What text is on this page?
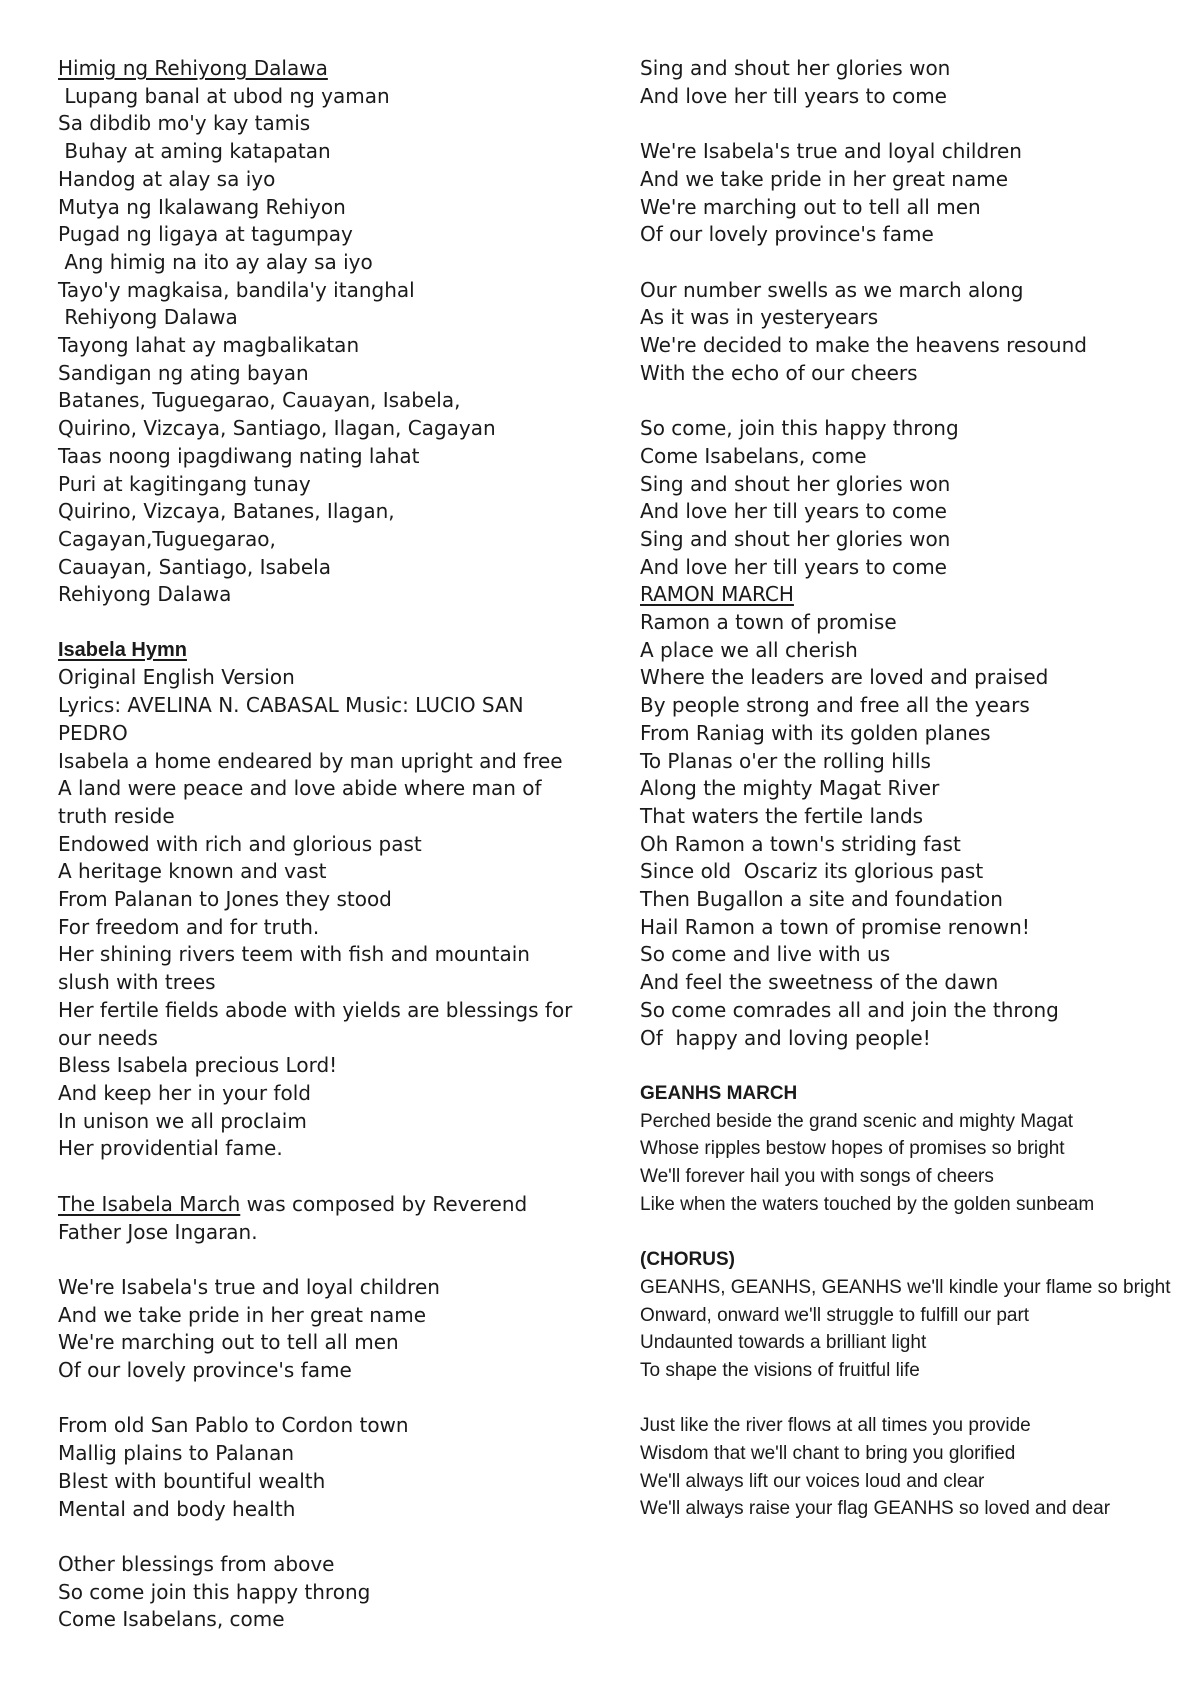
Himig ng Rehiyong Dalawa
Lupang banal at ubod ng yaman
Sa dibdib mo'y kay tamis
Buhay at aming katapatan
Handog at alay sa iyo
Mutya ng Ikalawang Rehiyon
Pugad ng ligaya at tagumpay
Ang himig na ito ay alay sa iyo
Tayo'y magkaisa, bandila'y itanghal
Rehiyong Dalawa
Tayong lahat ay magbalikatan
Sandigan ng ating bayan
Batanes, Tuguegarao, Cauayan, Isabela,
Quirino, Vizcaya, Santiago, Ilagan, Cagayan
Taas noong ipagdiwang nating lahat
Puri at kagitingang tunay
Quirino, Vizcaya, Batanes, Ilagan,
Cagayan,Tuguegarao,
Cauayan, Santiago, Isabela
Rehiyong Dalawa
Isabela Hymn
Original English Version
Lyrics: AVELINA N. CABASAL Music: LUCIO SAN PEDRO
Isabela a home endeared by man upright and free
A land were peace and love abide where man of truth reside
Endowed with rich and glorious past
A heritage known and vast
From Palanan to Jones they stood
For freedom and for truth.
Her shining rivers teem with fish and mountain slush with trees
Her fertile fields abode with yields are blessings for our needs
Bless Isabela precious Lord!
And keep her in your fold
In unison we all proclaim
Her providential fame.
The Isabela March was composed by Reverend Father Jose Ingaran.
We're Isabela's true and loyal children
And we take pride in her great name
We're marching out to tell all men
Of our lovely province's fame
From old San Pablo to Cordon town
Mallig plains to Palanan
Blest with bountiful wealth
Mental and body health
Other blessings from above
So come join this happy throng
Come Isabelans, come
Sing and shout her glories won
And love her till years to come
We're Isabela's true and loyal children
And we take pride in her great name
We're marching out to tell all men
Of our lovely province's fame
Our number swells as we march along
As it was in yesteryears
We're decided to make the heavens resound
With the echo of our cheers
So come, join this happy throng
Come Isabelans, come
Sing and shout her glories won
And love her till years to come
Sing and shout her glories won
And love her till years to come
RAMON MARCH
Ramon a town of promise
A place we all cherish
Where the leaders are loved and praised
By people strong and free all the years
From Raniag with its golden planes
To Planas o'er the rolling hills
Along the mighty Magat River
That waters the fertile lands
Oh Ramon a town's striding fast
Since old  Oscariz its glorious past
Then Bugallon a site and foundation
Hail Ramon a town of promise renown!
So come and live with us
And feel the sweetness of the dawn
So come comrades all and join the throng
Of  happy and loving people!
GEANHS MARCH
Perched beside the grand scenic and mighty Magat
Whose ripples bestow hopes of promises so bright
We'll forever hail you with songs of cheers
Like when the waters touched by the golden sunbeam
(CHORUS)
GEANHS, GEANHS, GEANHS we'll kindle your flame so bright
Onward, onward we'll struggle to fulfill our part
Undaunted towards a brilliant light
To shape the visions of fruitful life
Just like the river flows at all times you provide
Wisdom that we'll chant to bring you glorified
We'll always lift our voices loud and clear
We'll always raise your flag GEANHS so loved and dear
